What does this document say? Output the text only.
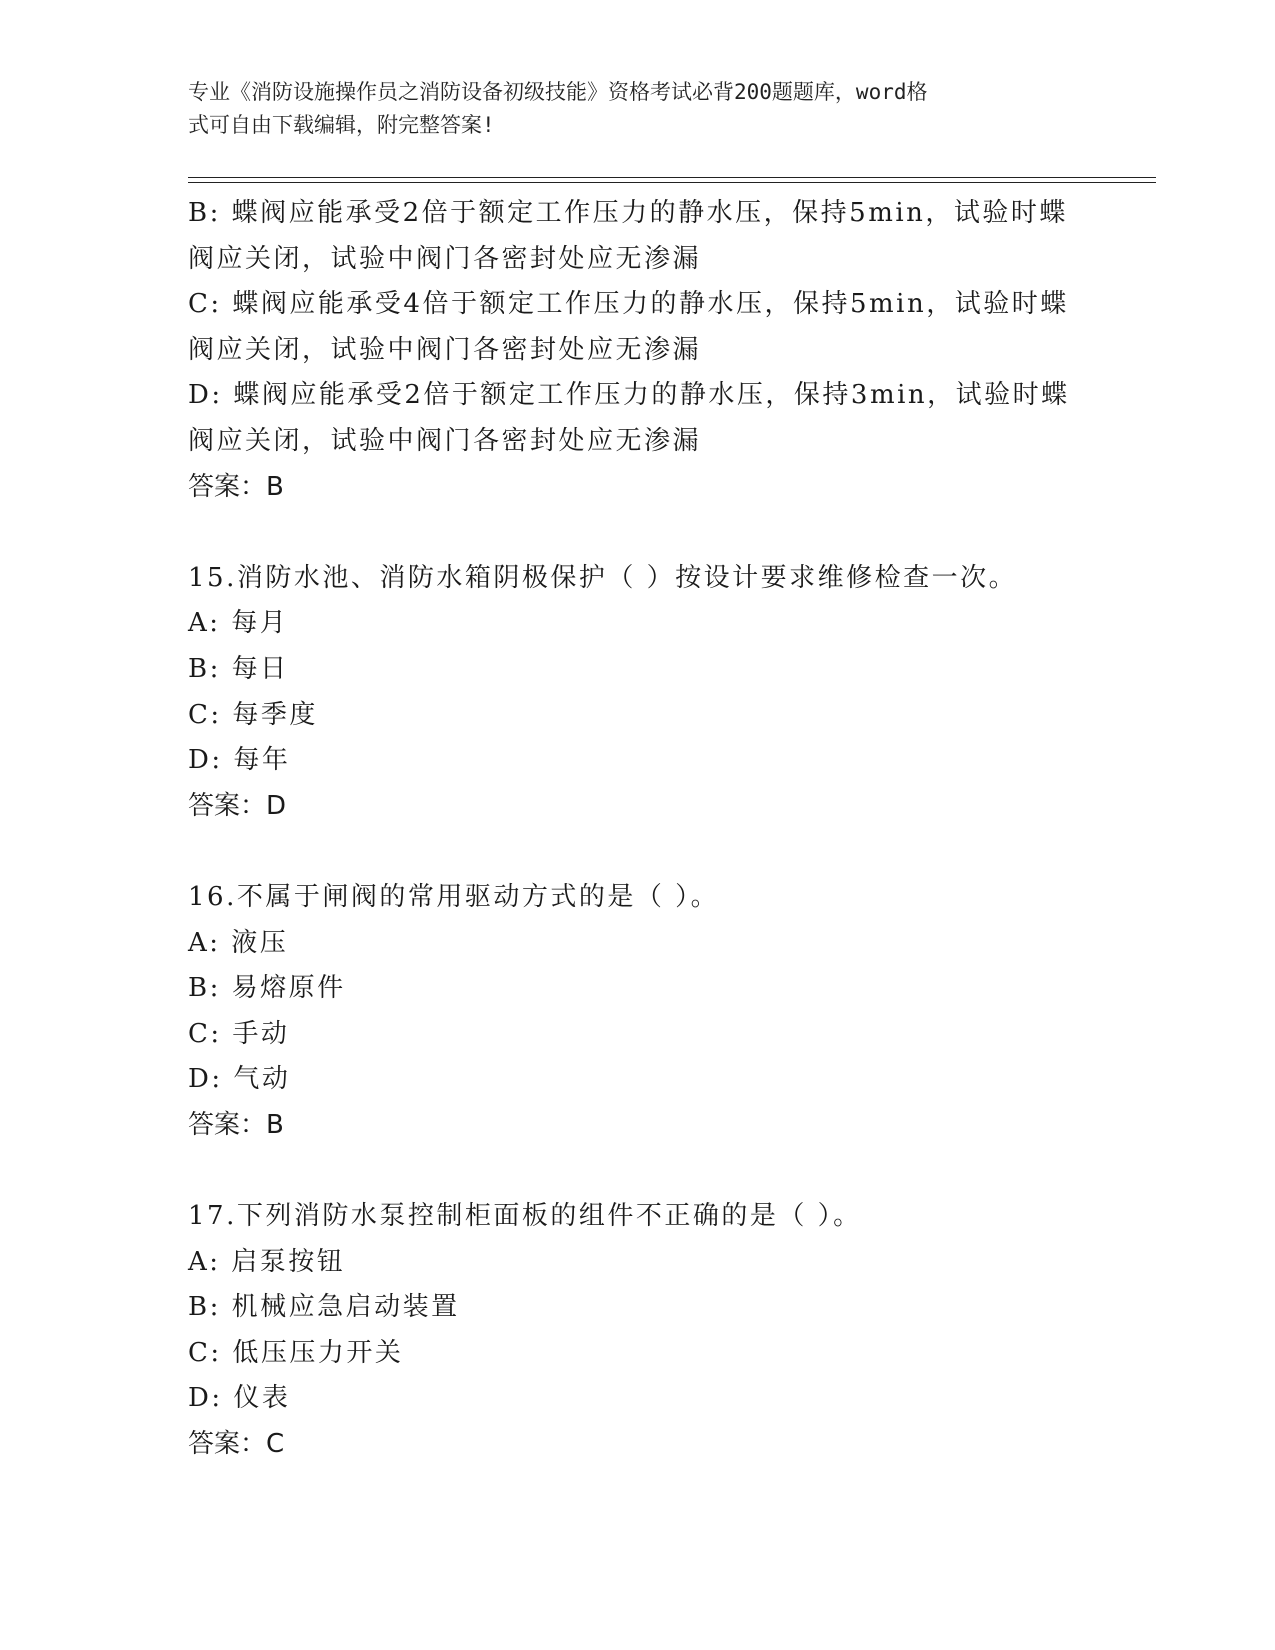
专业《消防设施操作员之消防设备初级技能》资格考试必背200题题库，word格
式可自由下载编辑，附完整答案!
B: 蝶阀应能承受2倍于额定工作压力的静水压，保持5min，试验时蝶
阀应关闭，试验中阀门各密封处应无渗漏
C: 蝶阀应能承受4倍于额定工作压力的静水压，保持5min，试验时蝶
阀应关闭，试验中阀门各密封处应无渗漏
D: 蝶阀应能承受2倍于额定工作压力的静水压，保持3min，试验时蝶
阀应关闭，试验中阀门各密封处应无渗漏
答案：B
15.消防水池、消防水箱阴极保护（ ）按设计要求维修检查一次。
A: 每月
B: 每日
C: 每季度
D: 每年
答案：D
16.不属于闸阀的常用驱动方式的是（ ）。
A: 液压
B: 易熔原件
C: 手动
D: 气动
答案：B
17.下列消防水泵控制柜面板的组件不正确的是（ ）。
A: 启泵按钮
B: 机械应急启动装置
C: 低压压力开关
D: 仪表
答案：C
